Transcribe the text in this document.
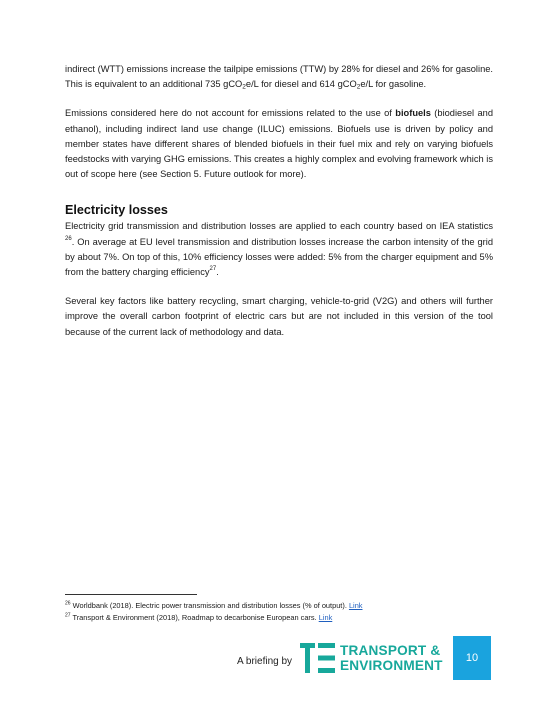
indirect (WTT) emissions increase the tailpipe emissions (TTW) by 28% for diesel and 26% for gasoline. This is equivalent to an additional 735 gCO$_2$e/L for diesel and 614 gCO$_2$e/L for gasoline.

Emissions considered here do not account for emissions related to the use of biofuels (biodiesel and ethanol), including indirect land use change (ILUC) emissions. Biofuels use is driven by policy and member states have different shares of blended biofuels in their fuel mix and rely on varying biofuels feedstocks with varying GHG emissions. This creates a highly complex and evolving framework which is out of scope here (see Section 5. Future outlook for more).

Electricity losses

Electricity grid transmission and distribution losses are applied to each country based on IEA statistics $^{26}$. On average at EU level transmission and distribution losses increase the carbon intensity of the grid by about 7%. On top of this, 10% efficiency losses were added: 5% from the charger equipment and 5% from the battery charging efficiency$^{27}$.

Several key factors like battery recycling, smart charging, vehicle-to-grid (V2G) and others will further improve the overall carbon footprint of electric cars but are not included in this version of the tool because of the current lack of methodology and data.

$^{26}$ Worldbank (2018). Electric power transmission and distribution losses (% of output). Link
$^{27}$ Transport & Environment (2018), Roadmap to decarbonise European cars. Link
A briefing by
TRANSPORT &
ENVIRONMENT	10
